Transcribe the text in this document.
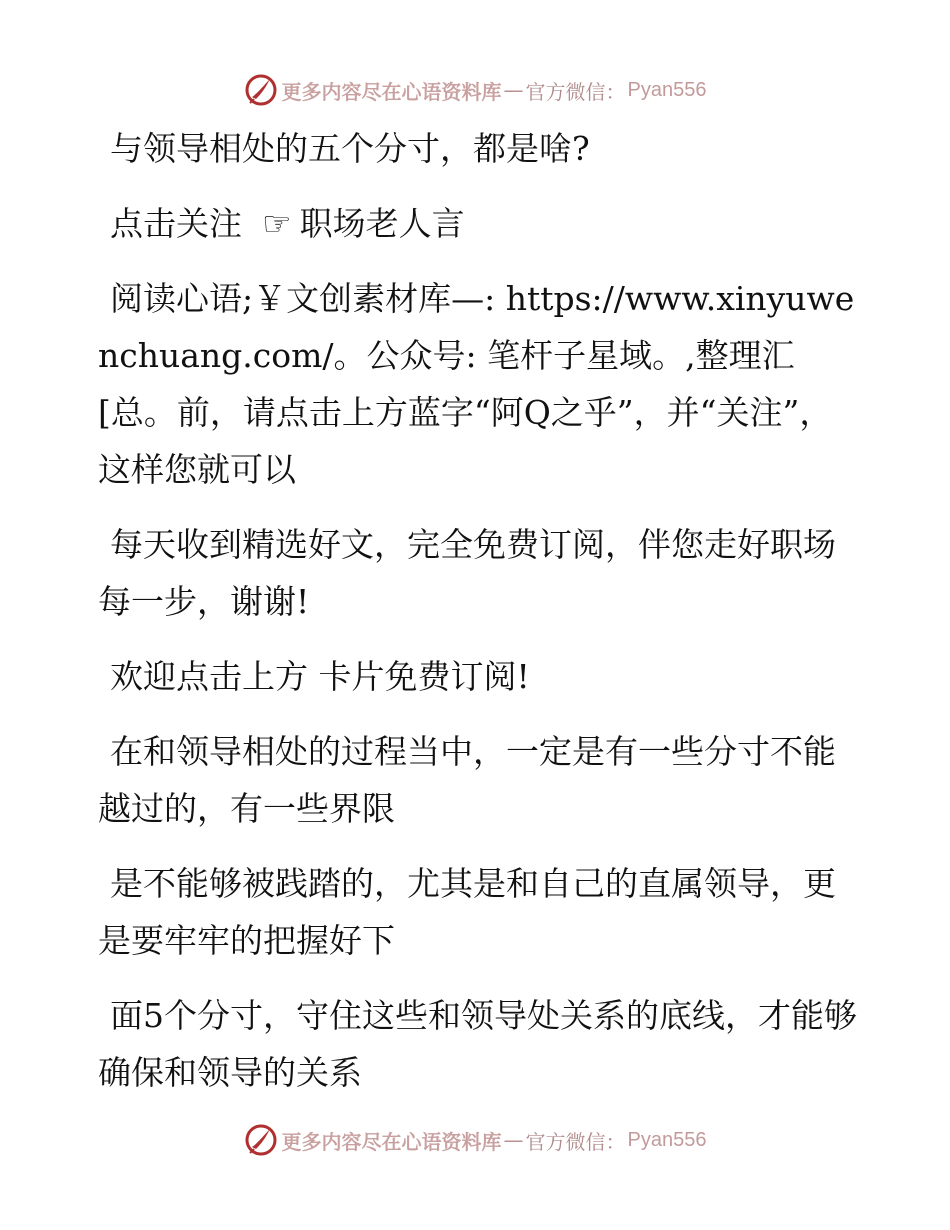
更多内容尽在心语资料库 — 官方微信： Pyan556

与领导相处的五个分寸，都是啥?

点击关注 ☞ 职场老人言

阅读心语;￥文创素材库—: https://www.xinyuwenchuang.com/。公众号: 笔杆子星域。,整理汇[总。前，请点击上方蓝字“阿Q之乎”，并“关注”，这样您就可以

每天收到精选好文，完全免费订阅，伴您走好职场每一步，谢谢!

欢迎点击上方 卡片免费订阅!

在和领导相处的过程当中，一定是有一些分寸不能越过的，有一些界限

是不能够被践踏的，尤其是和自己的直属领导，更是要牢牢的把握好下

面5个分寸，守住这些和领导处关系的底线，才能够确保和领导的关系

更多内容尽在心语资料库 — 官方微信： Pyan556
